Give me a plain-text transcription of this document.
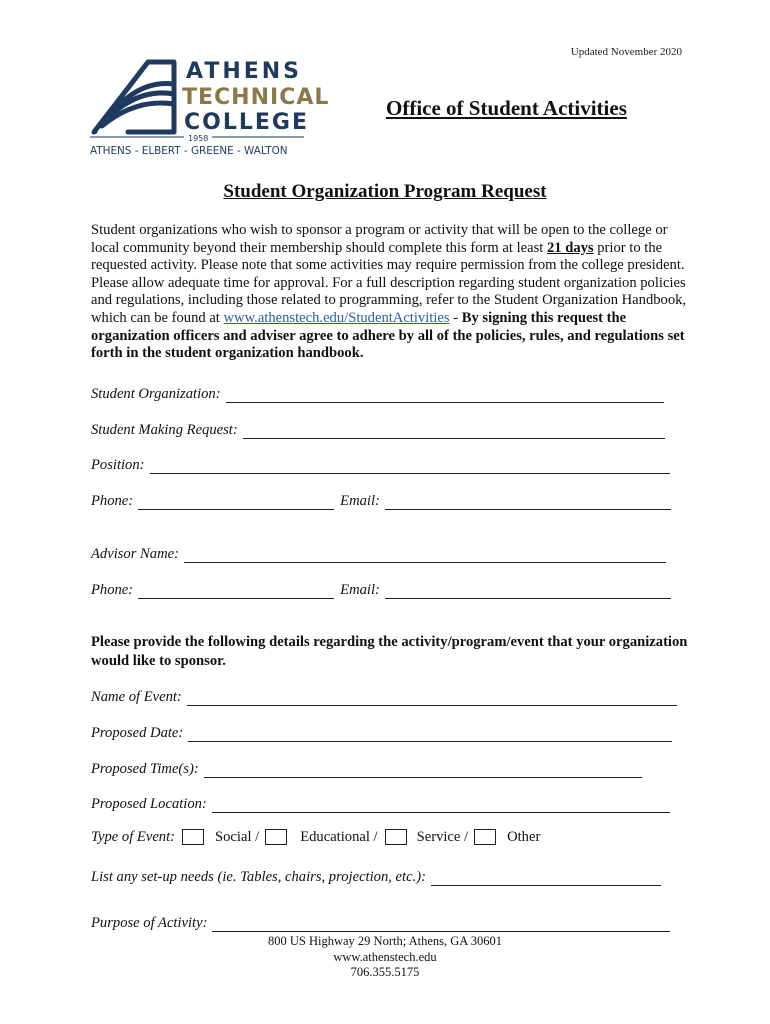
Updated November 2020
ATHENS
TECHNICAL
COLLEGE
1958
ATHENS - ELBERT - GREENE - WALTON
Office of Student Activities
Student Organization Program Request
Student organizations who wish to sponsor a program or activity that will be open to the college or local community beyond their membership should complete this form at least 21 days prior to the requested activity. Please note that some activities may require permission from the college president. Please allow adequate time for approval. For a full description regarding student organization policies and regulations, including those related to programming, refer to the Student Organization Handbook, which can be found at www.athenstech.edu/StudentActivities - By signing this request the organization officers and adviser agree to adhere by all of the policies, rules, and regulations set forth in the student organization handbook.
Student Organization:
Student Making Request:
Position:
Phone:	Email:
Advisor Name:
Phone:	Email:
Please provide the following details regarding the activity/program/event that your organization would like to sponsor.
Name of Event:
Proposed Date:
Proposed Time(s):
Proposed Location:
Type of Event:	Social /	Educational /	Service /	Other
List any set-up needs (ie. Tables, chairs, projection, etc.):
Purpose of Activity:
800 US Highway 29 North; Athens, GA 30601
www.athenstech.edu
706.355.5175
